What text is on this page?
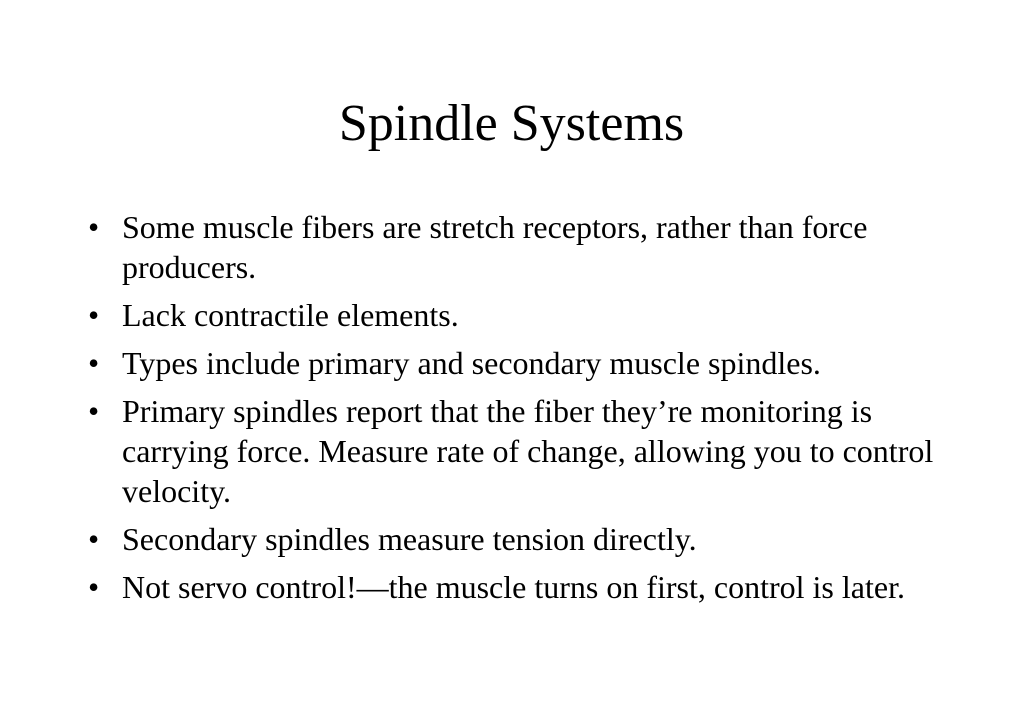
Spindle Systems
• Some muscle fibers are stretch receptors, rather than force producers.
• Lack contractile elements.
• Types include primary and secondary muscle spindles.
• Primary spindles report that the fiber they’re monitoring is carrying force. Measure rate of change, allowing you to control velocity.
• Secondary spindles measure tension directly.
• Not servo control!—the muscle turns on first, control is later.
